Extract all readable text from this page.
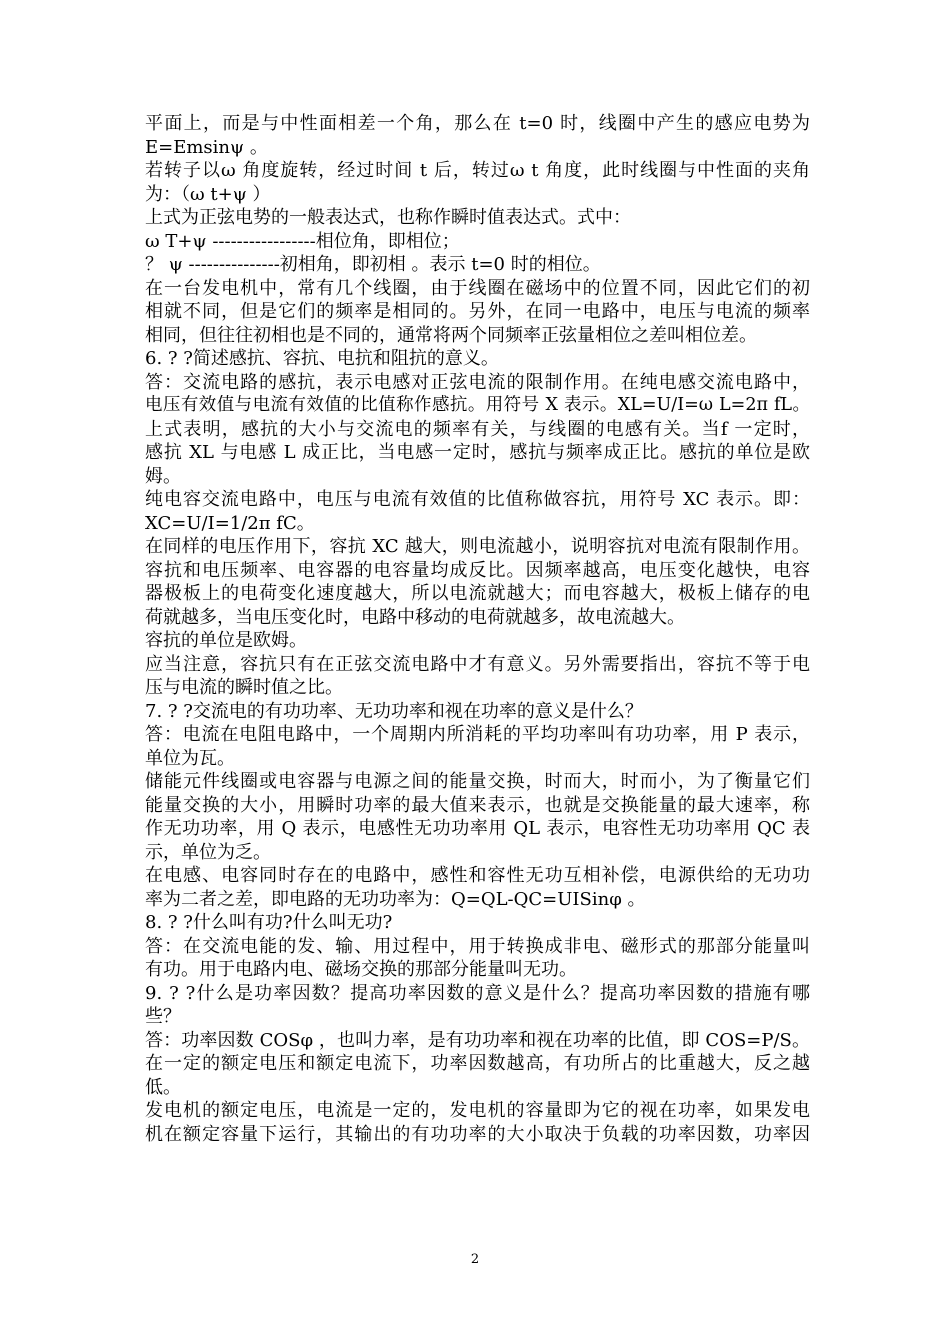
平面上，而是与中性面相差一个角，那么在 t=0 时，线圈中产生的感应电势为
E=Emsinψ 。
若转子以ω 角度旋转，经过时间 t 后，转过ω t 角度，此时线圈与中性面的夹角
为：（ω t+ψ ）
上式为正弦电势的一般表达式，也称作瞬时值表达式。式中：
ω T+ψ -----------------相位角，即相位；
？ ψ ---------------初相角，即初相 。表示 t=0 时的相位。
在一台发电机中，常有几个线圈，由于线圈在磁场中的位置不同，因此它们的初
相就不同，但是它们的频率是相同的。另外，在同一电路中，电压与电流的频率
相同，但往往初相也是不同的，通常将两个同频率正弦量相位之差叫相位差。
6. ? ?简述感抗、容抗、电抗和阻抗的意义。
答：交流电路的感抗，表示电感对正弦电流的限制作用。在纯电感交流电路中，
电压有效值与电流有效值的比值称作感抗。用符号 X 表示。XL=U/I=ω L=2π fL。
上式表明，感抗的大小与交流电的频率有关，与线圈的电感有关。当f 一定时，
感抗 XL 与电感 L 成正比，当电感一定时，感抗与频率成正比。感抗的单位是欧
姆。
纯电容交流电路中，电压与电流有效值的比值称做容抗，用符号 XC 表示。即：
XC=U/I=1/2π fC。
在同样的电压作用下，容抗 XC 越大，则电流越小，说明容抗对电流有限制作用。
容抗和电压频率、电容器的电容量均成反比。因频率越高，电压变化越快，电容
器极板上的电荷变化速度越大，所以电流就越大；而电容越大，极板上储存的电
荷就越多，当电压变化时，电路中移动的电荷就越多，故电流越大。
容抗的单位是欧姆。
应当注意，容抗只有在正弦交流电路中才有意义。另外需要指出，容抗不等于电
压与电流的瞬时值之比。
7. ? ?交流电的有功功率、无功功率和视在功率的意义是什么？
答：电流在电阻电路中，一个周期内所消耗的平均功率叫有功功率，用 P 表示，
单位为瓦。
储能元件线圈或电容器与电源之间的能量交换，时而大，时而小，为了衡量它们
能量交换的大小，用瞬时功率的最大值来表示，也就是交换能量的最大速率，称
作无功功率，用 Q 表示，电感性无功功率用 QL 表示，电容性无功功率用 QC 表
示，单位为乏。
在电感、电容同时存在的电路中，感性和容性无功互相补偿，电源供给的无功功
率为二者之差，即电路的无功功率为：Q=QL-QC=UISinφ 。
8. ? ?什么叫有功?什么叫无功?
答：在交流电能的发、输、用过程中，用于转换成非电、磁形式的那部分能量叫
有功。用于电路内电、磁场交换的那部分能量叫无功。
9. ? ?什么是功率因数？提高功率因数的意义是什么？提高功率因数的措施有哪
些？
答：功率因数 COSφ ，也叫力率，是有功功率和视在功率的比值，即 COS=P/S。
在一定的额定电压和额定电流下，功率因数越高，有功所占的比重越大，反之越
低。
发电机的额定电压，电流是一定的，发电机的容量即为它的视在功率，如果发电
机在额定容量下运行，其输出的有功功率的大小取决于负载的功率因数，功率因
2
